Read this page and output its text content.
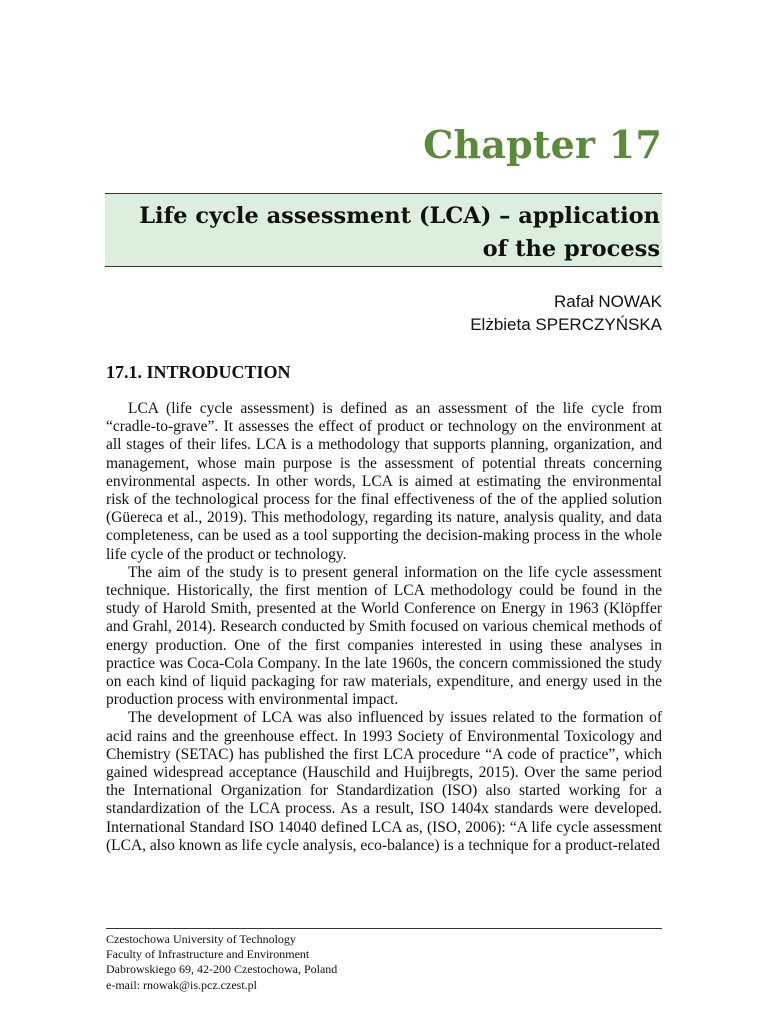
Chapter 17
Life cycle assessment (LCA) – application
of the process
Rafał NOWAK
Elżbieta SPERCZYŃSKA
17.1. INTRODUCTION

LCA (life cycle assessment) is defined as an assessment of the life cycle from “cradle-to-grave”. It assesses the effect of product or technology on the environment at all stages of their lifes. LCA is a methodology that supports planning, organization, and management, whose main purpose is the assessment of potential threats concerning environmental aspects. In other words, LCA is aimed at estimating the environmental risk of the technological process for the final effectiveness of the of the applied solution (Güereca et al., 2019). This methodology, regarding its nature, analysis quality, and data completeness, can be used as a tool supporting the decision-making process in the whole life cycle of the product or technology.

The aim of the study is to present general information on the life cycle assessment technique. Historically, the first mention of LCA methodology could be found in the study of Harold Smith, presented at the World Conference on Energy in 1963 (Klöpffer and Grahl, 2014). Research conducted by Smith focused on various chemical methods of energy production. One of the first companies interested in using these analyses in practice was Coca-Cola Company. In the late 1960s, the concern commissioned the study on each kind of liquid packaging for raw materials, expenditure, and energy used in the production process with environmental impact.

The development of LCA was also influenced by issues related to the formation of acid rains and the greenhouse effect. In 1993 Society of Environmental Toxicology and Chemistry (SETAC) has published the first LCA procedure “A code of practice”, which gained widespread acceptance (Hauschild and Huijbregts, 2015). Over the same period the International Organization for Standardization (ISO) also started working for a standardization of the LCA process. As a result, ISO 1404x standards were developed. International Standard ISO 14040 defined LCA as, (ISO, 2006): “A life cycle assessment (LCA, also known as life cycle analysis, eco-balance) is a technique for a product-related

Czestochowa University of Technology
Faculty of Infrastructure and Environment
Dabrowskiego 69, 42-200 Czestochowa, Poland
e-mail: rnowak@is.pcz.czest.pl
